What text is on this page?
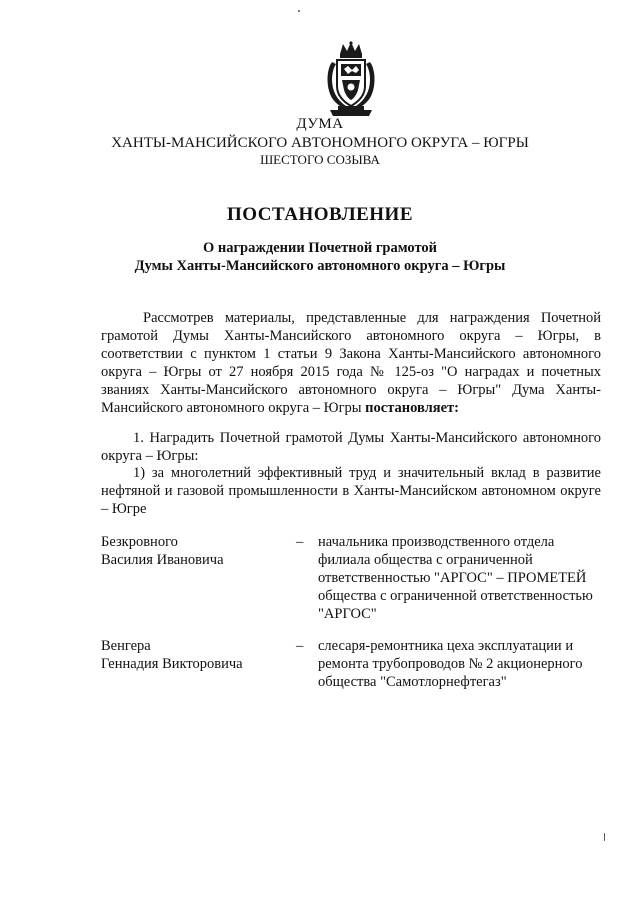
ДУМА
ХАНТЫ-МАНСИЙСКОГО АВТОНОМНОГО ОКРУГА – ЮГРЫ
ШЕСТОГО СОЗЫВА
ПОСТАНОВЛЕНИЕ
О награждении Почетной грамотой
Думы Ханты-Мансийского автономного округа – Югры
Рассмотрев материалы, представленные для награждения Почетной грамотой Думы Ханты-Мансийского автономного округа – Югры, в соответствии с пунктом 1 статьи 9 Закона Ханты-Мансийского автономного округа – Югры от 27 ноября 2015 года № 125-оз "О наградах и почетных званиях Ханты-Мансийского автономного округа – Югры" Дума Ханты-Мансийского автономного округа – Югры постановляет:
1. Наградить Почетной грамотой Думы Ханты-Мансийского автономного округа – Югры:
1) за многолетний эффективный труд и значительный вклад в развитие нефтяной и газовой промышленности в Ханты-Мансийском автономном округе – Югре
Безкровного
Василия Ивановича
– начальника производственного отдела филиала общества с ограниченной ответственностью "АРГОС" – ПРОМЕТЕЙ общества с ограниченной ответственностью "АРГОС"
Венгера
Геннадия Викторовича
– слесаря-ремонтника цеха эксплуатации и ремонта трубопроводов № 2 акционерного общества "Самотлорнефтегаз"
